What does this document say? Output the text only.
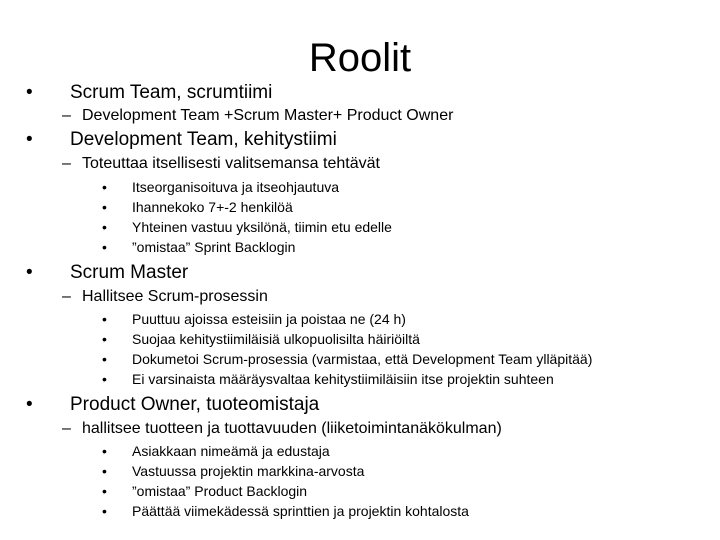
Roolit
• Scrum Team, scrumtiimi
– Development Team +Scrum Master+ Product Owner
• Development Team, kehitystiimi
– Toteuttaa itsellisesti valitsemansa tehtävät
• Itseorganisoituva ja itseohjautuva
• Ihannekoko 7+-2 henkilöä
• Yhteinen vastuu yksilönä, tiimin etu edelle
• ”omistaa” Sprint Backlogin
• Scrum Master
– Hallitsee Scrum-prosessin
• Puuttuu ajoissa esteisiin ja poistaa ne (24 h)
• Suojaa kehitystiimiläisiä ulkopuolisilta häiriöiltä
• Dokumetoi Scrum-prosessia (varmistaa, että Development Team ylläpitää)
• Ei varsinaista määräysvaltaa kehitystiimiläisiin itse projektin suhteen
• Product Owner, tuoteomistaja
– hallitsee tuotteen ja tuottavuuden (liiketoimintanäkökulman)
• Asiakkaan nimeämä ja edustaja
• Vastuussa projektin markkina-arvosta
• ”omistaa” Product Backlogin
• Päättää viimekädessä sprinttien ja projektin kohtalosta
